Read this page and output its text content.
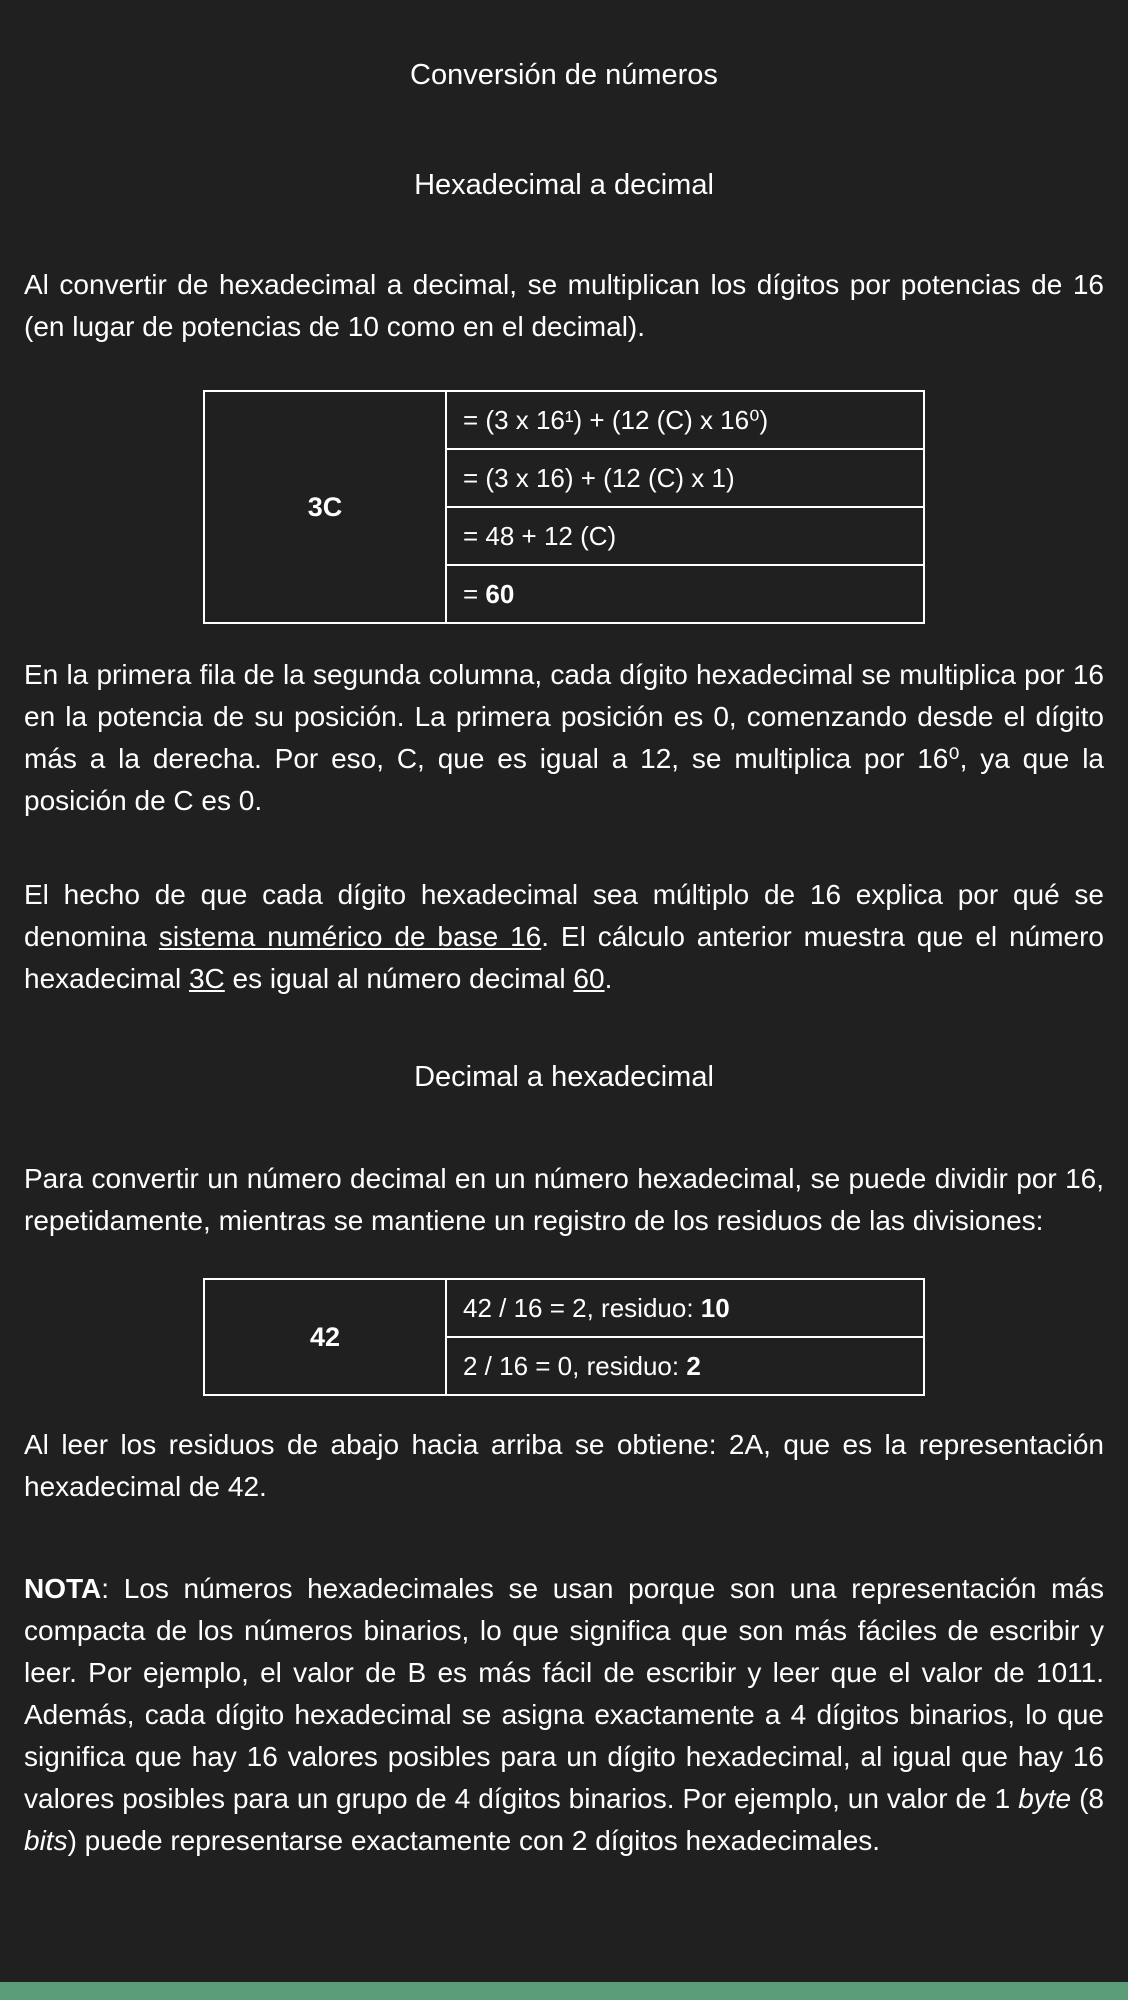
Conversión de números
Hexadecimal a decimal

Al convertir de hexadecimal a decimal, se multiplican los dígitos por potencias de 16 (en lugar de potencias de 10 como en el decimal).

3C
= (3 x 16¹) + (12 (C) x 16⁰)
= (3 x 16) + (12 (C) x 1)
= 48 + 12 (C)
= 60

En la primera fila de la segunda columna, cada dígito hexadecimal se multiplica por 16 en la potencia de su posición. La primera posición es 0, comenzando desde el dígito más a la derecha. Por eso, C, que es igual a 12, se multiplica por 16⁰, ya que la posición de C es 0.

El hecho de que cada dígito hexadecimal sea múltiplo de 16 explica por qué se denomina sistema numérico de base 16. El cálculo anterior muestra que el número hexadecimal 3C es igual al número decimal 60.

Decimal a hexadecimal

Para convertir un número decimal en un número hexadecimal, se puede dividir por 16, repetidamente, mientras se mantiene un registro de los residuos de las divisiones:

42
42 / 16 = 2, residuo: 10
2 / 16 = 0, residuo: 2

Al leer los residuos de abajo hacia arriba se obtiene: 2A, que es la representación hexadecimal de 42.

NOTA: Los números hexadecimales se usan porque son una representación más compacta de los números binarios, lo que significa que son más fáciles de escribir y leer. Por ejemplo, el valor de B es más fácil de escribir y leer que el valor de 1011. Además, cada dígito hexadecimal se asigna exactamente a 4 dígitos binarios, lo que significa que hay 16 valores posibles para un dígito hexadecimal, al igual que hay 16 valores posibles para un grupo de 4 dígitos binarios. Por ejemplo, un valor de 1 byte (8 bits) puede representarse exactamente con 2 dígitos hexadecimales.
